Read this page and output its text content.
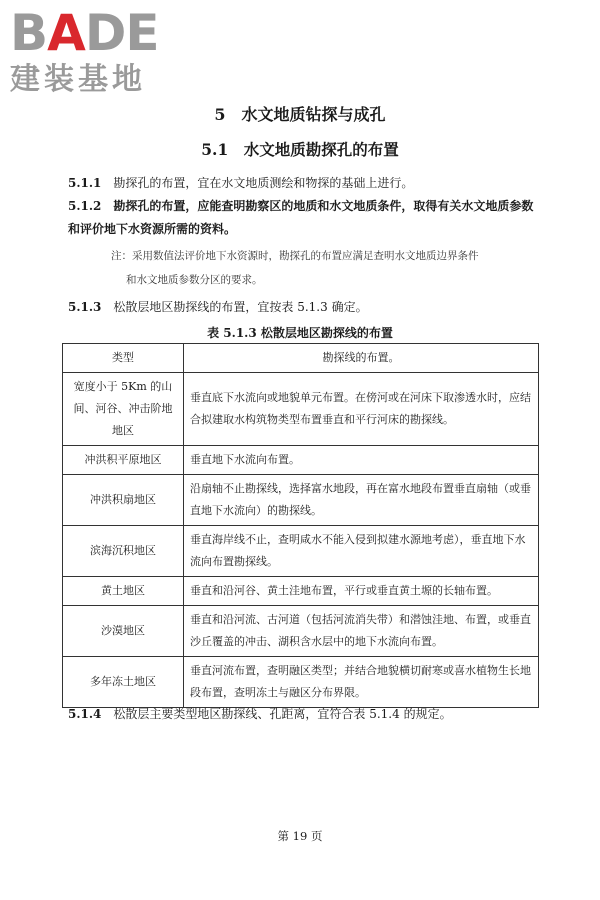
BADE
建装基地
5　水文地质钻探与成孔
5.1　水文地质勘探孔的布置
5.1.1 勘探孔的布置，宜在水文地质测绘和物探的基础上进行。
5.1.2 勘探孔的布置，应能查明勘察区的地质和水文地质条件，取得有关水文地质参数
和评价地下水资源所需的资料。
注：采用数值法评价地下水资源时，勘探孔的布置应满足查明水文地质边界条件
和水文地质参数分区的要求。
5.1.3 松散层地区勘探线的布置，宜按表 5.1.3 确定。
表 5.1.3 松散层地区勘探线的布置
类型	勘探线的布置。
宽度小于 5Km 的山间、河谷、冲击阶地地区	垂直底下水流向或地貌单元布置。在傍河或在河床下取渗透水时，应结合拟建取水构筑物类型布置垂直和平行河床的勘探线。
冲洪积平原地区	垂直地下水流向布置。
冲洪积扇地区	沿扇轴不止勘探线，选择富水地段，再在富水地段布置垂直扇轴（或垂直地下水流向）的勘探线。
滨海沉积地区	垂直海岸线不止，查明咸水不能入侵到拟建水源地考虑），垂直地下水流向布置勘探线。
黄土地区	垂直和沿河谷、黄土洼地布置，平行或垂直黄土塬的长轴布置。
沙漠地区	垂直和沿河流、古河道（包括河流消失带）和潜蚀洼地、布置，或垂直沙丘覆盖的冲击、湖积含水层中的地下水流向布置。
多年冻土地区	垂直河流布置，查明融区类型；并结合地貌横切耐寒或喜水植物生长地段布置，查明冻土与融区分布界限。
5.1.4 松散层主要类型地区勘探线、孔距离，宜符合表 5.1.4 的规定。
第 19 页
